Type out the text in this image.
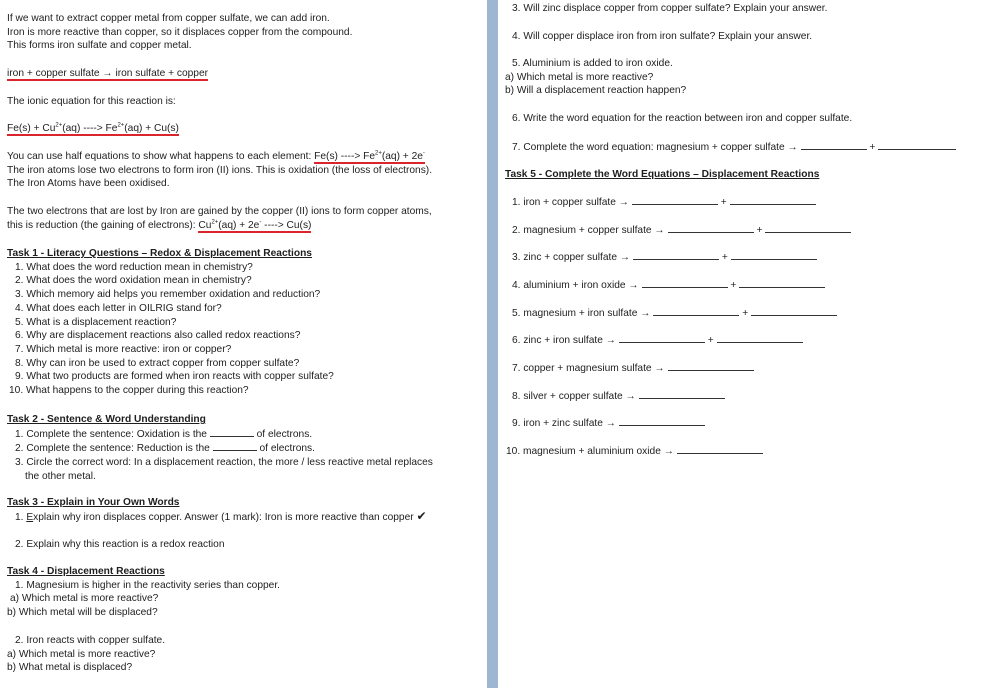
If we want to extract copper metal from copper sulfate, we can add iron.
Iron is more reactive than copper, so it displaces copper from the compound.
This forms iron sulfate and copper metal.
iron + copper sulfate → iron sulfate + copper
The ionic equation for this reaction is:
$Fe(s) + Cu^{2+}(aq)$ ----> $Fe^{2+}(aq) + Cu(s)$
You can use half equations to show what happens to each element: Fe(s) ----> $Fe^{2+}(aq) + 2e^-$
The iron atoms lose two electrons to form iron (II) ions. This is oxidation (the loss of electrons).
The Iron Atoms have been oxidised.
The two electrons that are lost by Iron are gained by the copper (II) ions to form copper atoms,
this is reduction (the gaining of electrons): $Cu^{2+}(aq) + 2e^-$ ----> Cu(s)
Task 1 - Literacy Questions – Redox & Displacement Reactions
1. What does the word reduction mean in chemistry?
2. What does the word oxidation mean in chemistry?
3. Which memory aid helps you remember oxidation and reduction?
4. What does each letter in OILRIG stand for?
5. What is a displacement reaction?
6. Why are displacement reactions also called redox reactions?
7. Which metal is more reactive: iron or copper?
8. Why can iron be used to extract copper from copper sulfate?
9. What two products are formed when iron reacts with copper sulfate?
10. What happens to the copper during this reaction?
Task 2 - Sentence & Word Understanding
1. Complete the sentence: Oxidation is the	of electrons.
2. Complete the sentence: Reduction is the	of electrons.
3. Circle the correct word: In a displacement reaction, the more / less reactive metal replaces
the other metal.
Task 3 - Explain in Your Own Words
1. Explain why iron displaces copper. Answer (1 mark): Iron is more reactive than copper ✔
2. Explain why this reaction is a redox reaction
Task 4 - Displacement Reactions
1. Magnesium is higher in the reactivity series than copper.
a) Which metal is more reactive?
b) Which metal will be displaced?
2. Iron reacts with copper sulfate.
a) Which metal is more reactive?
b) What metal is displaced?
3. Will zinc displace copper from copper sulfate? Explain your answer.
4. Will copper displace iron from iron sulfate? Explain your answer.
5. Aluminium is added to iron oxide.
a) Which metal is more reactive?
b) Will a displacement reaction happen?
6. Write the word equation for the reaction between iron and copper sulfate.
7. Complete the word equation: magnesium + copper sulfate →	+
Task 5 - Complete the Word Equations – Displacement Reactions
1. iron + copper sulfate →	+
2. magnesium + copper sulfate →	+
3. zinc + copper sulfate →	+
4. aluminium + iron oxide →	+
5. magnesium + iron sulfate →	+
6. zinc + iron sulfate →	+
7. copper + magnesium sulfate →
8. silver + copper sulfate →
9. iron + zinc sulfate →
10. magnesium + aluminium oxide →
